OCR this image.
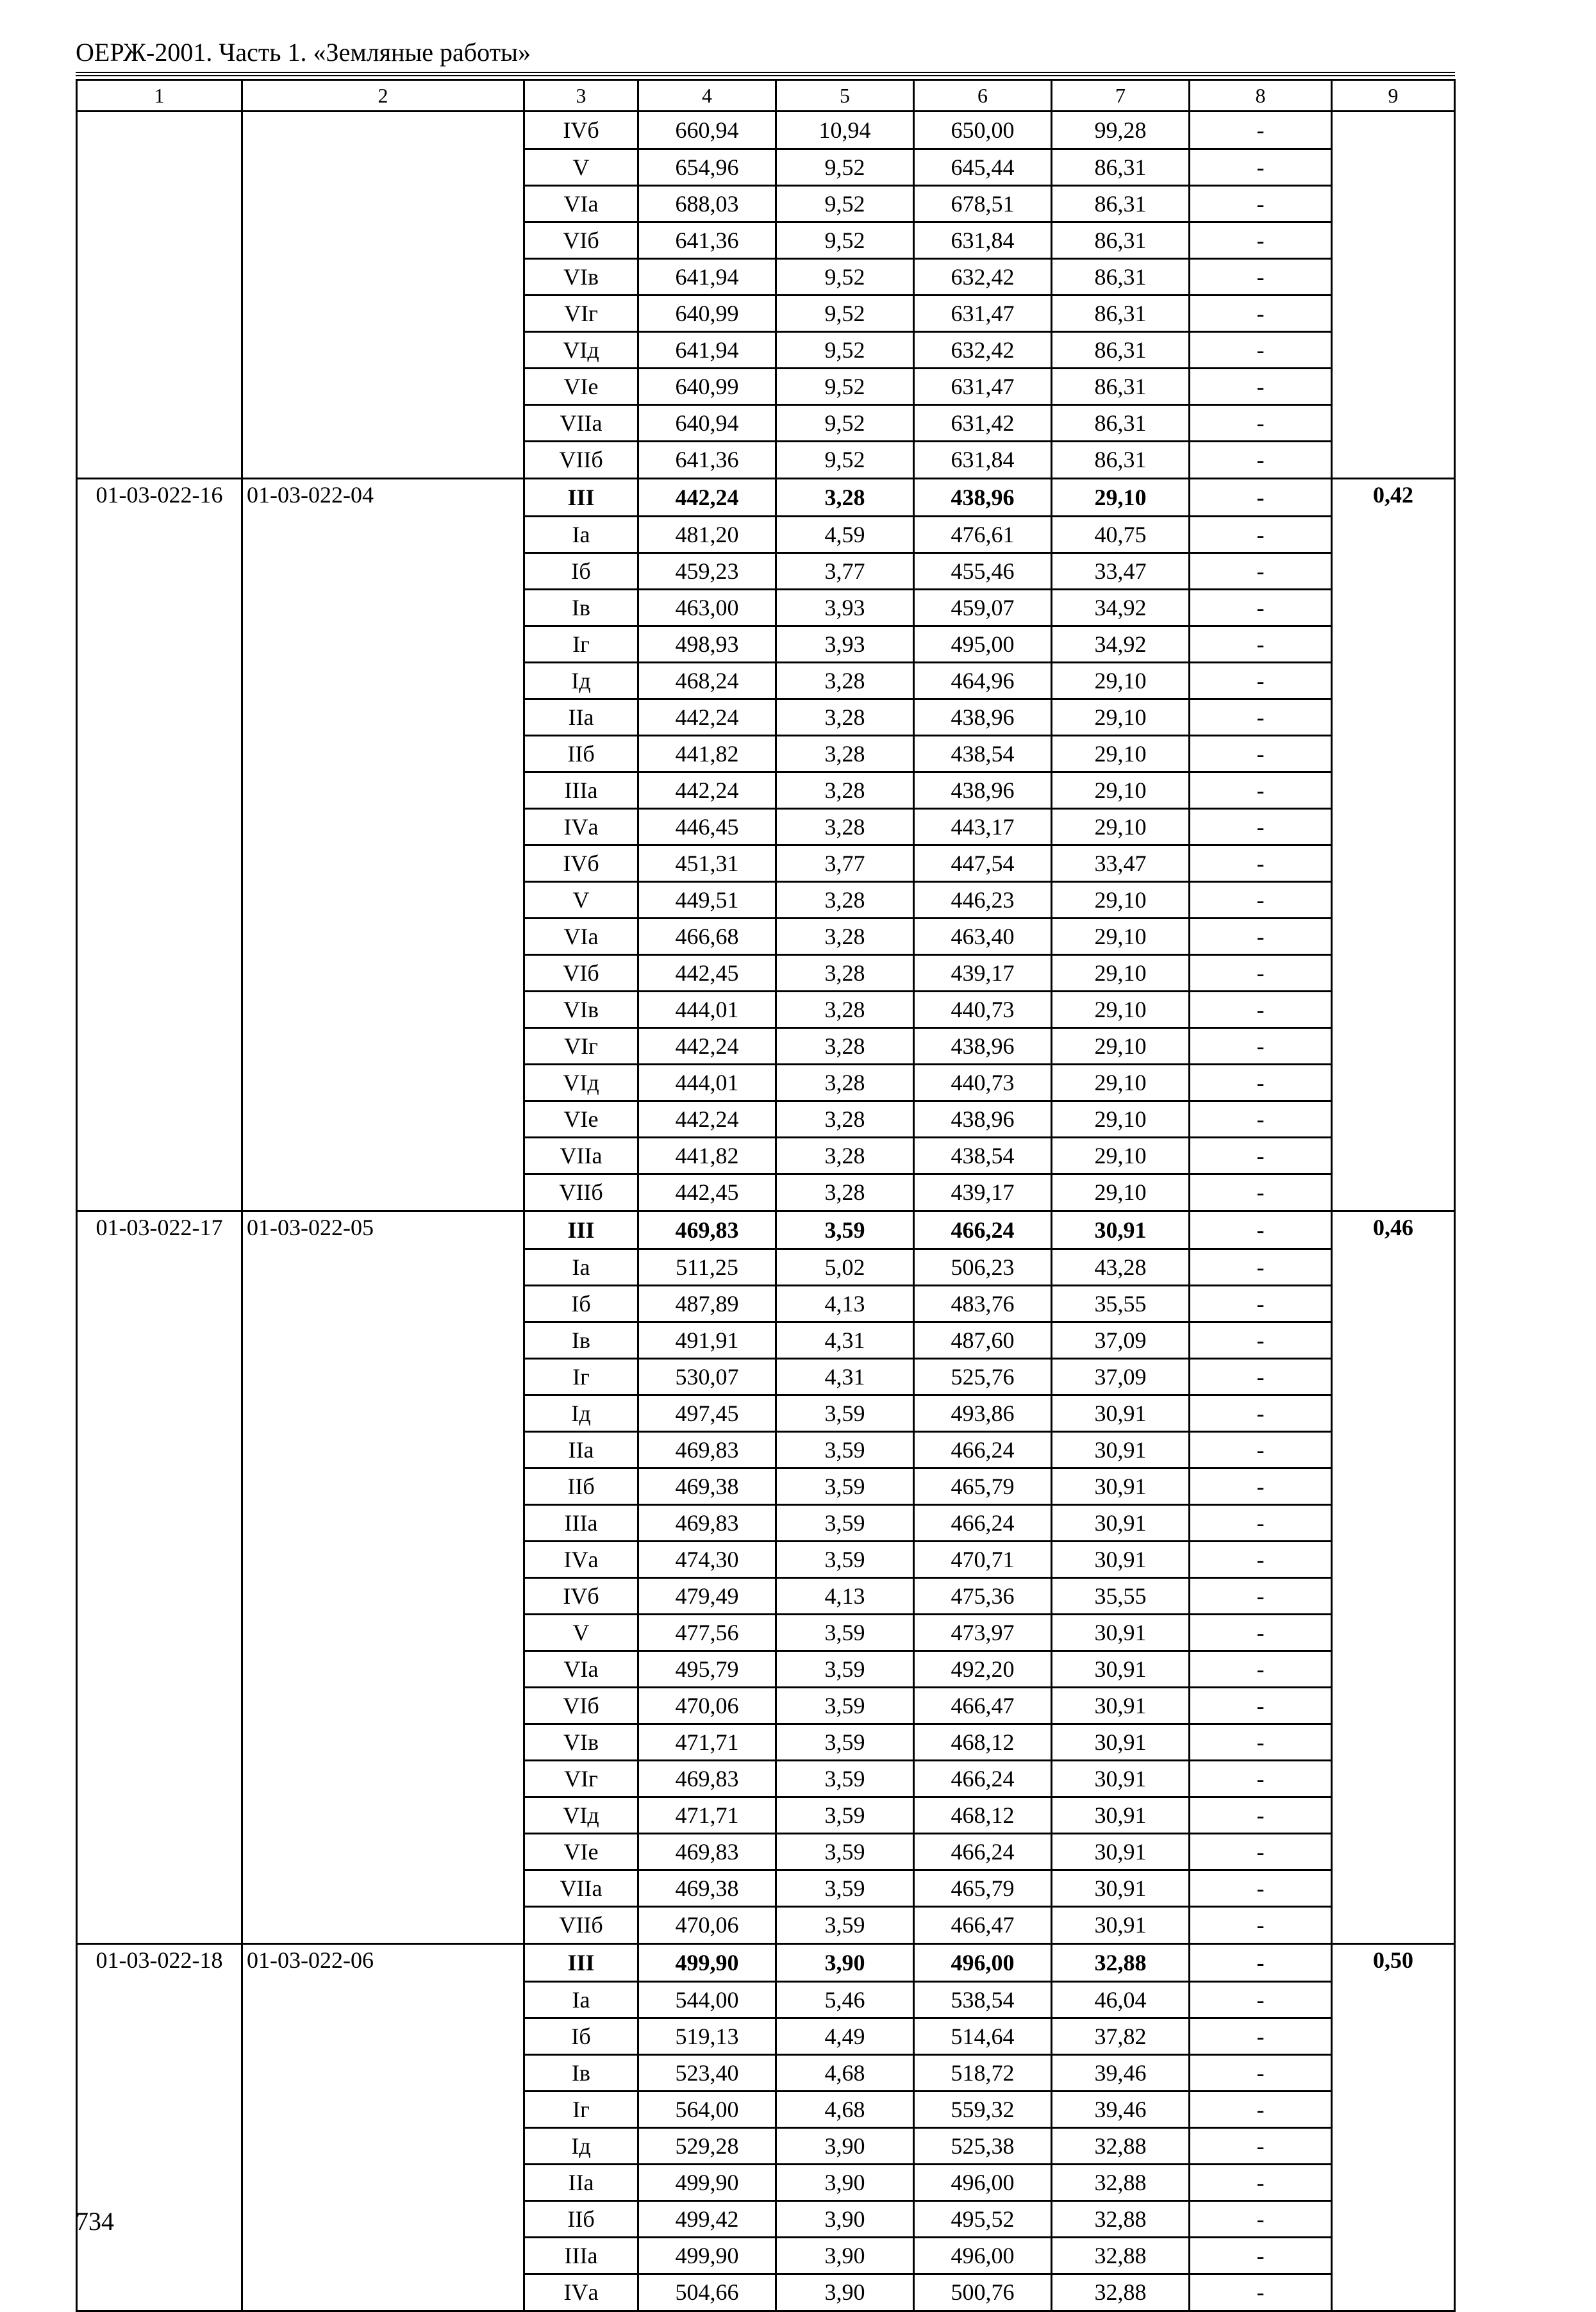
ОЕРЖ-2001. Часть 1. «Земляные работы»
1	2	3	4	5	6	7	8	9
		IVб	660,94	10,94	650,00	99,28	-	
		V	654,96	9,52	645,44	86,31	-	
		VIа	688,03	9,52	678,51	86,31	-	
		VIб	641,36	9,52	631,84	86,31	-	
		VIв	641,94	9,52	632,42	86,31	-	
		VIг	640,99	9,52	631,47	86,31	-	
		VIд	641,94	9,52	632,42	86,31	-	
		VIе	640,99	9,52	631,47	86,31	-	
		VIIа	640,94	9,52	631,42	86,31	-	
		VIIб	641,36	9,52	631,84	86,31	-	
01-03-022-16	01-03-022-04	III	442,24	3,28	438,96	29,10	-	0,42
		Iа	481,20	4,59	476,61	40,75	-	
		Iб	459,23	3,77	455,46	33,47	-	
		Iв	463,00	3,93	459,07	34,92	-	
		Iг	498,93	3,93	495,00	34,92	-	
		Iд	468,24	3,28	464,96	29,10	-	
		IIа	442,24	3,28	438,96	29,10	-	
		IIб	441,82	3,28	438,54	29,10	-	
		IIIа	442,24	3,28	438,96	29,10	-	
		IVа	446,45	3,28	443,17	29,10	-	
		IVб	451,31	3,77	447,54	33,47	-	
		V	449,51	3,28	446,23	29,10	-	
		VIа	466,68	3,28	463,40	29,10	-	
		VIб	442,45	3,28	439,17	29,10	-	
		VIв	444,01	3,28	440,73	29,10	-	
		VIг	442,24	3,28	438,96	29,10	-	
		VIд	444,01	3,28	440,73	29,10	-	
		VIе	442,24	3,28	438,96	29,10	-	
		VIIа	441,82	3,28	438,54	29,10	-	
		VIIб	442,45	3,28	439,17	29,10	-	
01-03-022-17	01-03-022-05	III	469,83	3,59	466,24	30,91	-	0,46
		Iа	511,25	5,02	506,23	43,28	-	
		Iб	487,89	4,13	483,76	35,55	-	
		Iв	491,91	4,31	487,60	37,09	-	
		Iг	530,07	4,31	525,76	37,09	-	
		Iд	497,45	3,59	493,86	30,91	-	
		IIа	469,83	3,59	466,24	30,91	-	
		IIб	469,38	3,59	465,79	30,91	-	
		IIIа	469,83	3,59	466,24	30,91	-	
		IVа	474,30	3,59	470,71	30,91	-	
		IVб	479,49	4,13	475,36	35,55	-	
		V	477,56	3,59	473,97	30,91	-	
		VIа	495,79	3,59	492,20	30,91	-	
		VIб	470,06	3,59	466,47	30,91	-	
		VIв	471,71	3,59	468,12	30,91	-	
		VIг	469,83	3,59	466,24	30,91	-	
		VIд	471,71	3,59	468,12	30,91	-	
		VIе	469,83	3,59	466,24	30,91	-	
		VIIа	469,38	3,59	465,79	30,91	-	
		VIIб	470,06	3,59	466,47	30,91	-	
01-03-022-18	01-03-022-06	III	499,90	3,90	496,00	32,88	-	0,50
		Iа	544,00	5,46	538,54	46,04	-	
		Iб	519,13	4,49	514,64	37,82	-	
		Iв	523,40	4,68	518,72	39,46	-	
		Iг	564,00	4,68	559,32	39,46	-	
		Iд	529,28	3,90	525,38	32,88	-	
		IIа	499,90	3,90	496,00	32,88	-	
		IIб	499,42	3,90	495,52	32,88	-	
		IIIа	499,90	3,90	496,00	32,88	-	
		IVа	504,66	3,90	500,76	32,88	-	
734
